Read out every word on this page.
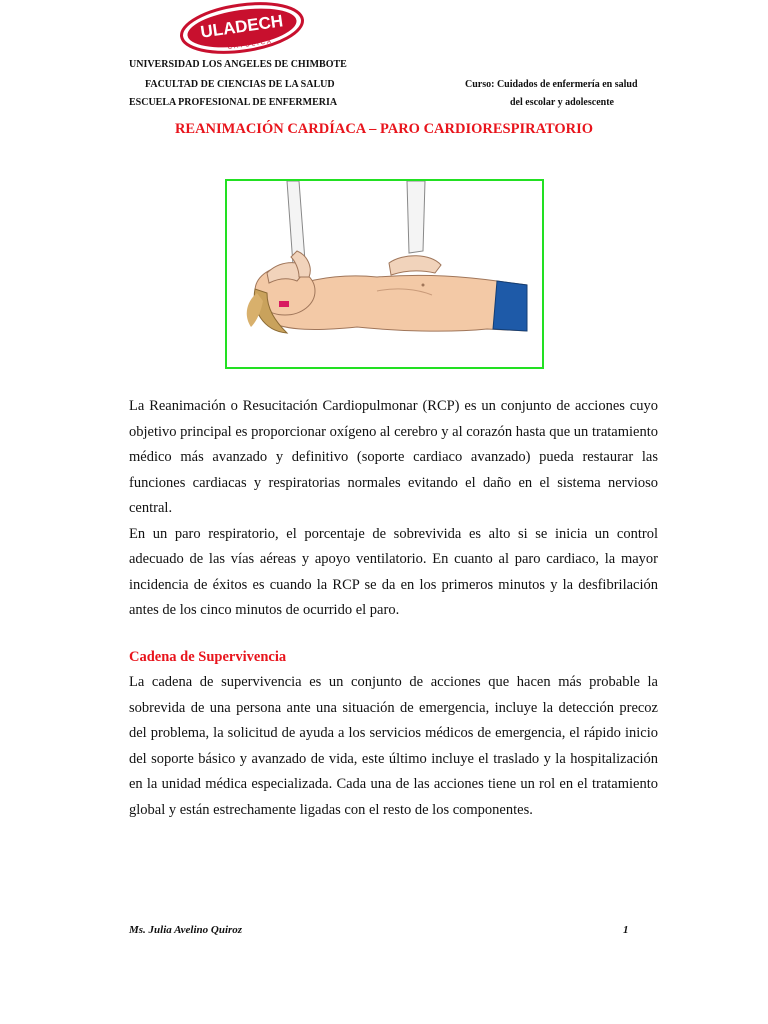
ULADECH
CATÓLICA
UNIVERSIDAD LOS ANGELES DE CHIMBOTE
FACULTAD DE CIENCIAS DE LA SALUD
ESCUELA PROFESIONAL DE ENFERMERIA
Curso: Cuidados de enfermería en salud
del escolar y adolescente
REANIMACIÓN CARDÍACA – PARO CARDIORESPIRATORIO

La Reanimación o Resucitación Cardiopulmonar (RCP) es un conjunto de acciones cuyo objetivo principal es proporcionar oxígeno al cerebro y al corazón hasta que un tratamiento médico más avanzado y definitivo (soporte cardiaco avanzado) pueda restaurar las funciones cardiacas y respiratorias normales evitando el daño en el sistema nervioso central.

En un paro respiratorio, el porcentaje de sobrevivida es alto si se inicia un control adecuado de las vías aéreas y apoyo ventilatorio. En cuanto al paro cardiaco, la mayor incidencia de éxitos es cuando la RCP se da en los primeros minutos y la desfibrilación antes de los cinco minutos de ocurrido el paro.

Cadena de Supervivencia

La cadena de supervivencia es un conjunto de acciones que hacen más probable la sobrevida de una persona ante una situación de emergencia, incluye la detección precoz del problema, la solicitud de ayuda a los servicios médicos de emergencia, el rápido inicio del soporte básico y avanzado de vida, este último incluye el traslado y la hospitalización en la unidad médica especializada. Cada una de las acciones tiene un rol en el tratamiento global y están estrechamente ligadas con el resto de los componentes.

Ms. Julia Avelino Quiroz	1
